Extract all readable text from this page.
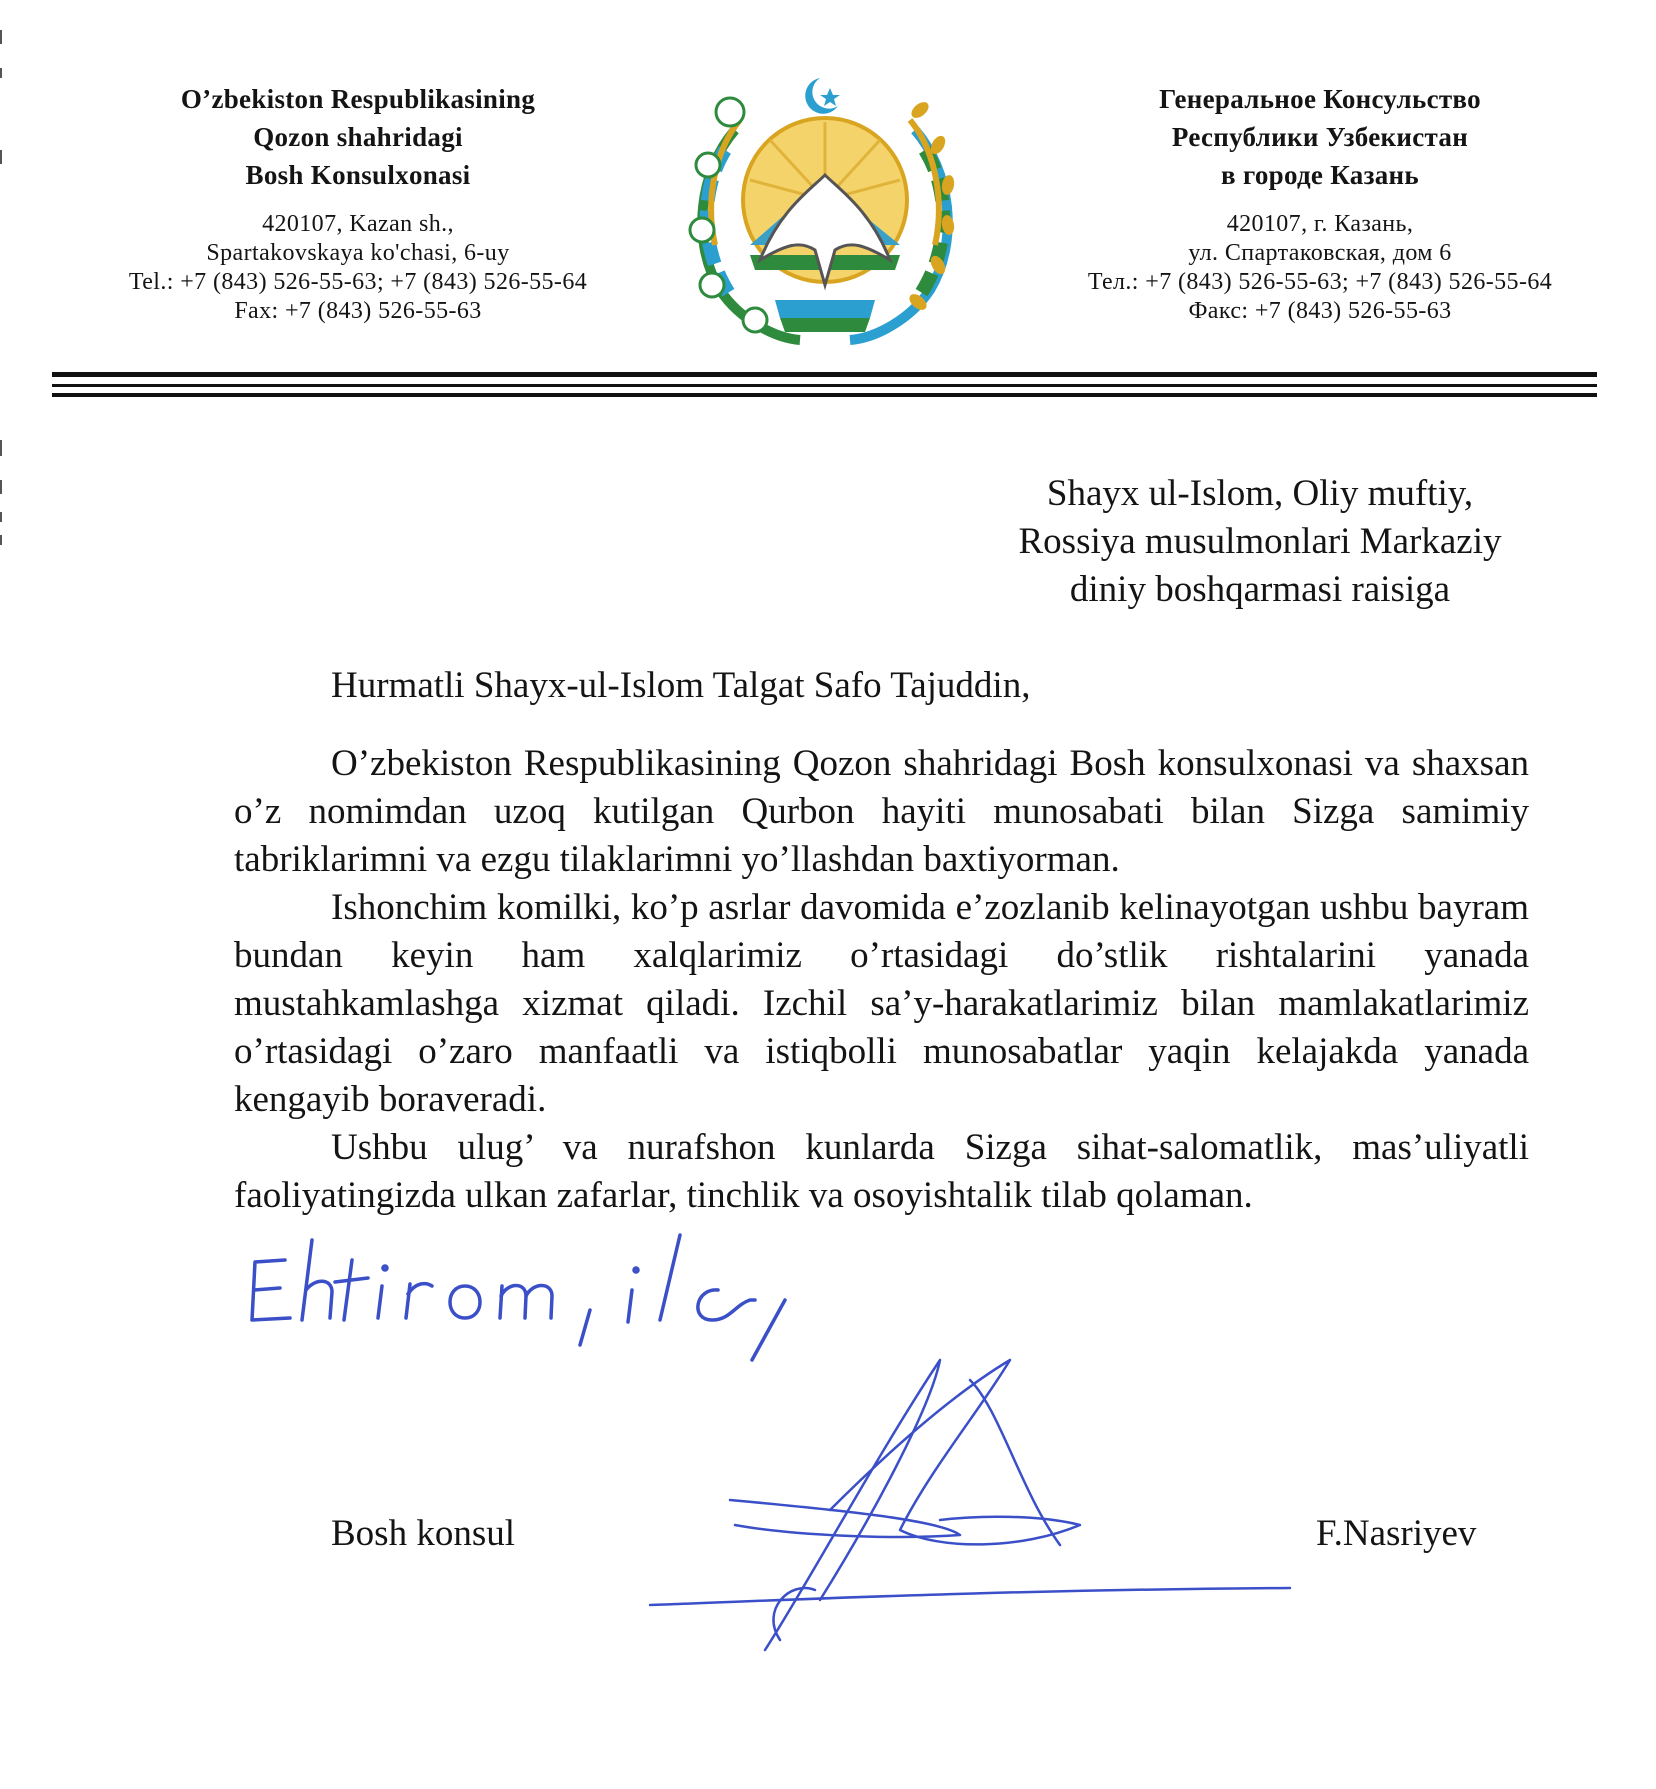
O’zbekiston Respublikasining
Qozon shahridagi
Bosh Konsulxonasi
420107, Kazan sh.,
Spartakovskaya ko'chasi, 6-uy
Tel.: +7 (843) 526-55-63; +7 (843) 526-55-64
Fax: +7 (843) 526-55-63
Генеральное Консульство
Республики Узбекистан
в городе Казань
420107, г. Казань,
ул. Спартаковская, дом 6
Тел.: +7 (843) 526-55-63; +7 (843) 526-55-64
Факс: +7 (843) 526-55-63
Shayx ul-Islom, Oliy muftiy,
Rossiya musulmonlari Markaziy
diniy boshqarmasi raisiga
Hurmatli Shayx-ul-Islom Talgat Safo Tajuddin,

O’zbekiston Respublikasining Qozon shahridagi Bosh konsulxonasi va shaxsan o’z nomimdan uzoq kutilgan Qurbon hayiti munosabati bilan Sizga samimiy tabriklarimni va ezgu tilaklarimni yo’llashdan baxtiyorman.

Ishonchim komilki, ko’p asrlar davomida e’zozlanib kelinayotgan ushbu bayram bundan keyin ham xalqlarimiz o’rtasidagi do’stlik rishtalarini yanada mustahkamlashga xizmat qiladi. Izchil sa’y-harakatlarimiz bilan mamlakatlarimiz o’rtasidagi o’zaro manfaatli va istiqbolli munosabatlar yaqin kelajakda yanada kengayib boraveradi.

Ushbu ulug’ va nurafshon kunlarda Sizga sihat-salomatlik, mas’uliyatli faoliyatingizda ulkan zafarlar, tinchlik va osoyishtalik tilab qolaman.

Bosh konsul	F.Nasriyev
